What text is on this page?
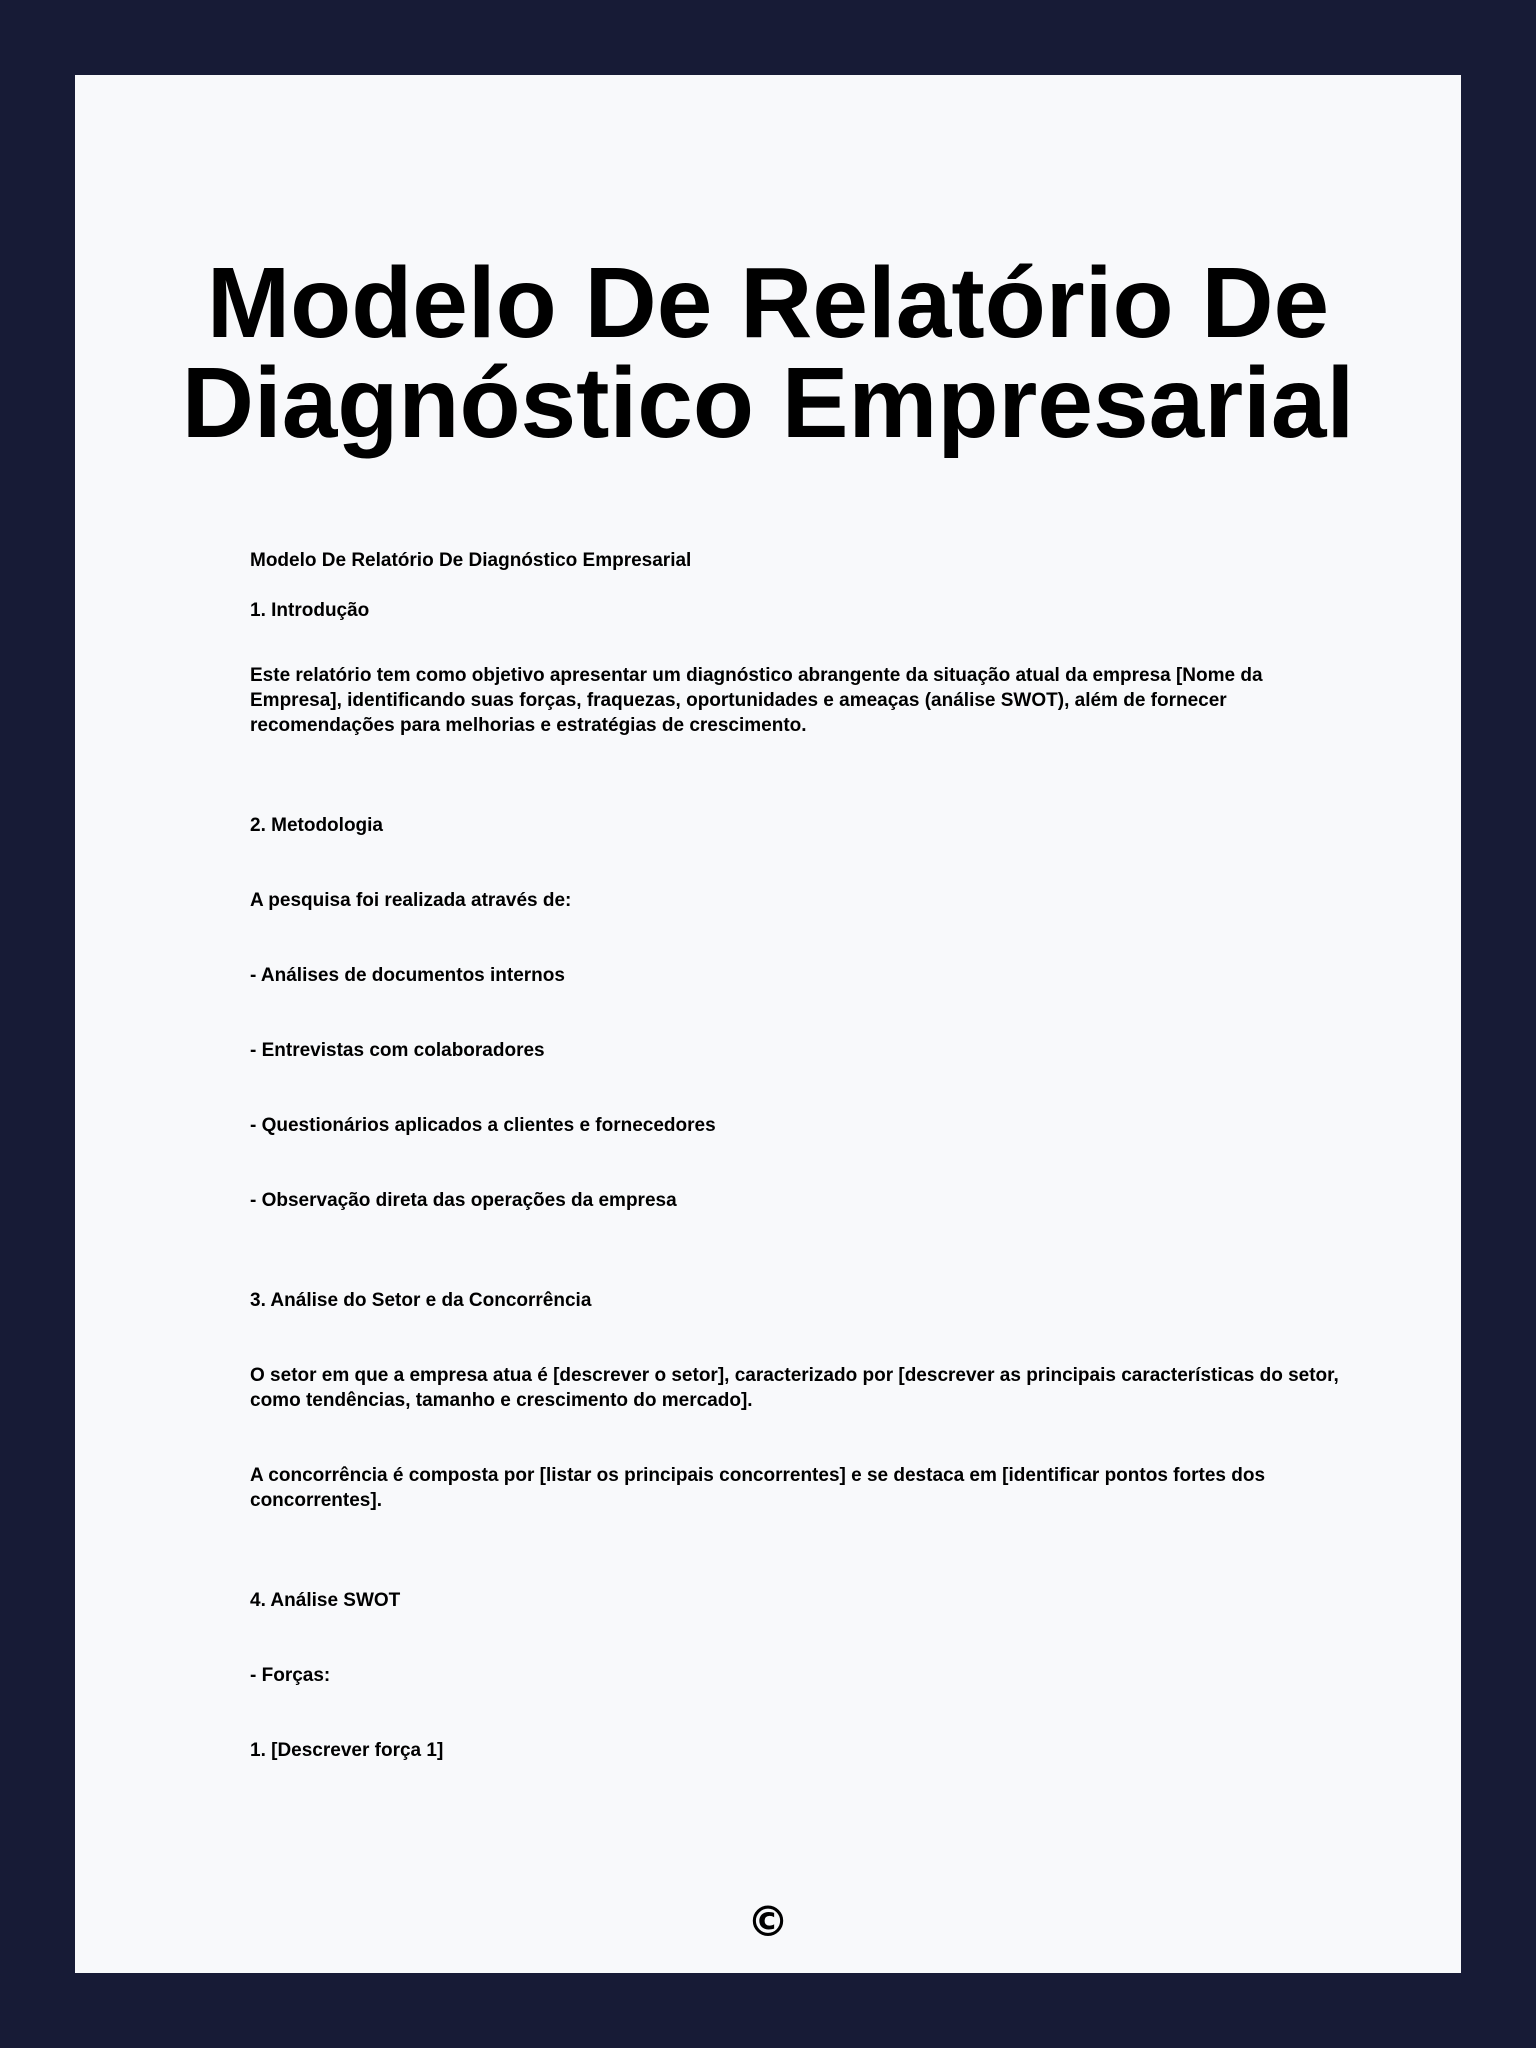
Modelo De Relatório De
Diagnóstico Empresarial

Modelo De Relatório De Diagnóstico Empresarial

1. Introdução

Este relatório tem como objetivo apresentar um diagnóstico abrangente da situação atual da empresa [Nome da Empresa], identificando suas forças, fraquezas, oportunidades e ameaças (análise SWOT), além de fornecer recomendações para melhorias e estratégias de crescimento.

2. Metodologia

A pesquisa foi realizada através de:

- Análises de documentos internos

- Entrevistas com colaboradores

- Questionários aplicados a clientes e fornecedores

- Observação direta das operações da empresa

3. Análise do Setor e da Concorrência

O setor em que a empresa atua é [descrever o setor], caracterizado por [descrever as principais características do setor, como tendências, tamanho e crescimento do mercado].

A concorrência é composta por [listar os principais concorrentes] e se destaca em [identificar pontos fortes dos concorrentes].

4. Análise SWOT

- Forças:

1. [Descrever força 1]

©
